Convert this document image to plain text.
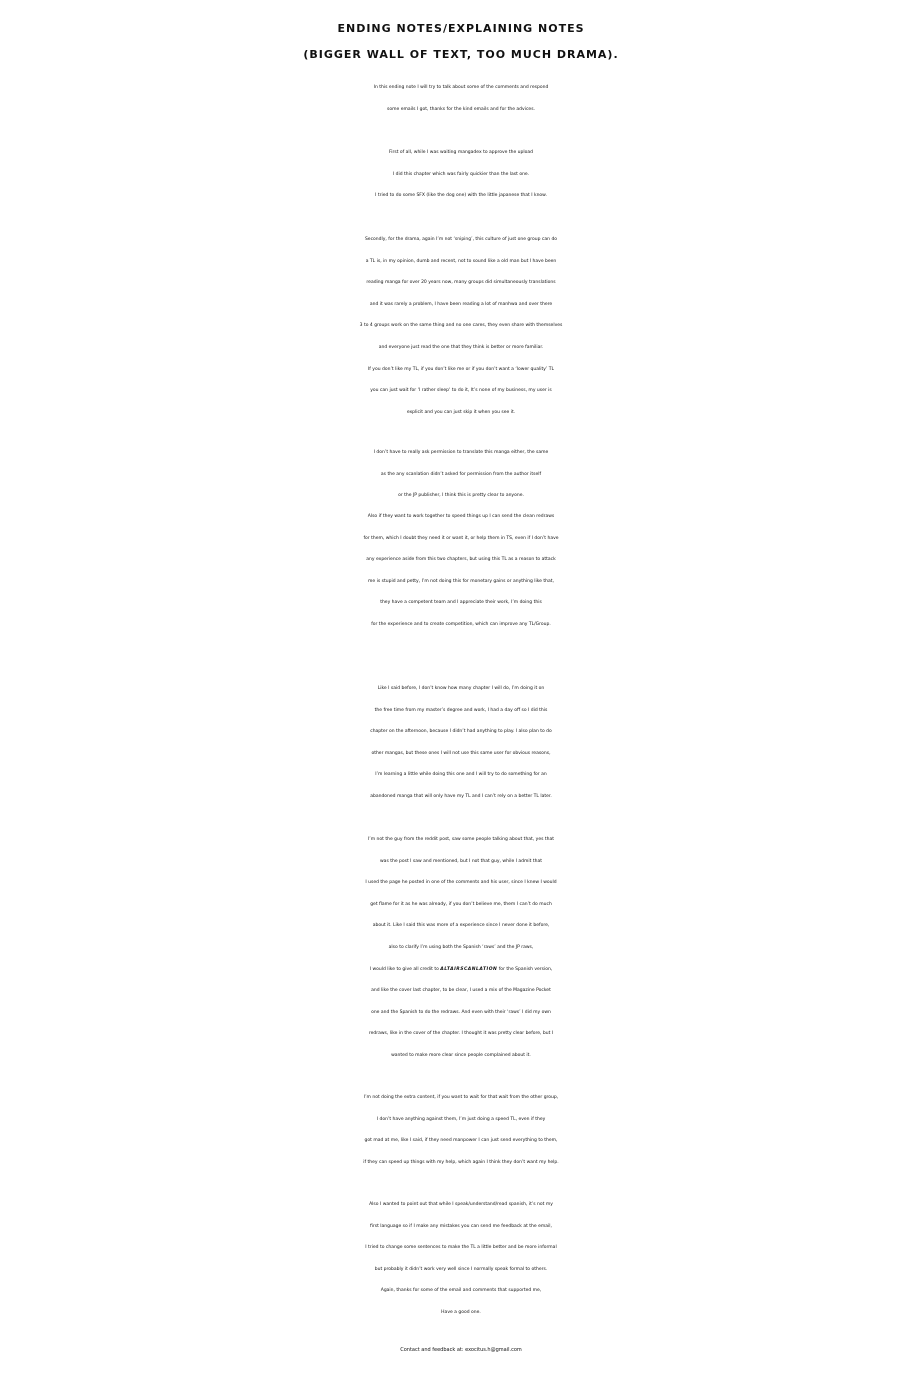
ENDING NOTES/EXPLAINING NOTES
(BIGGER WALL OF TEXT, TOO MUCH DRAMA).
In this ending note I will try to talk about some of the comments and respond
some emails I got, thanks for the kind emails and for the advices.
First of all, while I was waiting mangadex to approve the upload
I did this chapter which was fairly quickier than the last one.
I tried to do some SFX (like the dog one) with the little japanese that I know.
Secondly, for the drama, again I’m not ‘sniping’, this culture of just one group can do
a TL is, in my opinion, dumb and recent, not to sound like a old man but I have been
reading manga for over 20 years now, many groups did simultaneously translations
and it was rarely a problem, I have been reading a lot of manhwa and over there
3 to 4 groups work on the same thing and no one cares, they even share with themselves
and everyone just read the one that they think is better or more familiar.
If you don’t like my TL, if you don’t like me or if you don’t want a ‘lower quality’ TL
you can just wait for ‘I rather sleep‘ to do it, It’s none of my business, my user is
explicit and you can just skip it when you see it.
I don’t have to really ask permission to translate this manga either, the same
as the any scanlation didn’t asked for permission from the author itself
or the JP publisher, I think this is pretty clear to anyone.
Also if they want to work together to speed things up I can send the clean redraws
for them, which I doubt they need it or want it, or help them in TS, even if I don’t have
any experience aside from this two chapters, but using this TL as a reason to attack
me is stupid and petty, I’m not doing this for monetary gains or anything like that,
they have a competent team and I appreciate their work, I’m doing this
for the experience and to create competition, which can improve any TL/Group.
Like I said before, I don’t know how many chapter I will do, I’m doing it on
the free time from my master’s degree and work, I had a day off so I did this
chapter on the afternoon, because I didn’t had anything to play. I also plan to do
other mangas, but these ones I will not use this same user for obvious reasons,
I’m learning a little while doing this one and I will try to do something for an
abandoned manga that will only have my TL and I can’t rely on a better TL later.
I’m not the guy from the reddit post, saw some people talking about that, yes that
was the post I saw and mentioned, but I not that guy, while I admit that
I used the page he posted in one of the comments and his user, since I knew I would
get flame for it as he was already, if you don’t believe me, them I can’t do much
about it. Like I said this was more of a experience since I never done it before,
also to clarify I’m using both the Spanish ‘raws’ and the JP raws,
I would like to give all credit to ALTAIRSCANLATION for the Spanish version,
and like the cover last chapter, to be clear, I used a mix of the Magazine Pocket
one and the Spanish to do the redraws. And even with their ‘raws’ I did my own
redraws, like in the cover of the chapter. I thought it was pretty clear before, but I
wanted to make more clear since people complained about it.
I’m not doing the extra content, if you want to wait for that wait from the other group,
I don’t have anything against them, I’m just doing a speed TL, even if they
got mad at me, like I said, if they need manpower I can just send everything to them,
if they can speed up things with my help, which again I think they don’t want my help.
Also I wanted to point out that while I speak/understand/read spanish, it’s not my
first language so if I make any mistakes you can send me feedback at the email,
I tried to change some sentences to make the TL a little better and be more informal
but probably it didn’t work very well since I normally speak formal to others.
Again, thanks for some of the email and comments that supported me,
Have a good one.
Contact and feedback at: exocitus.h@gmail.com
